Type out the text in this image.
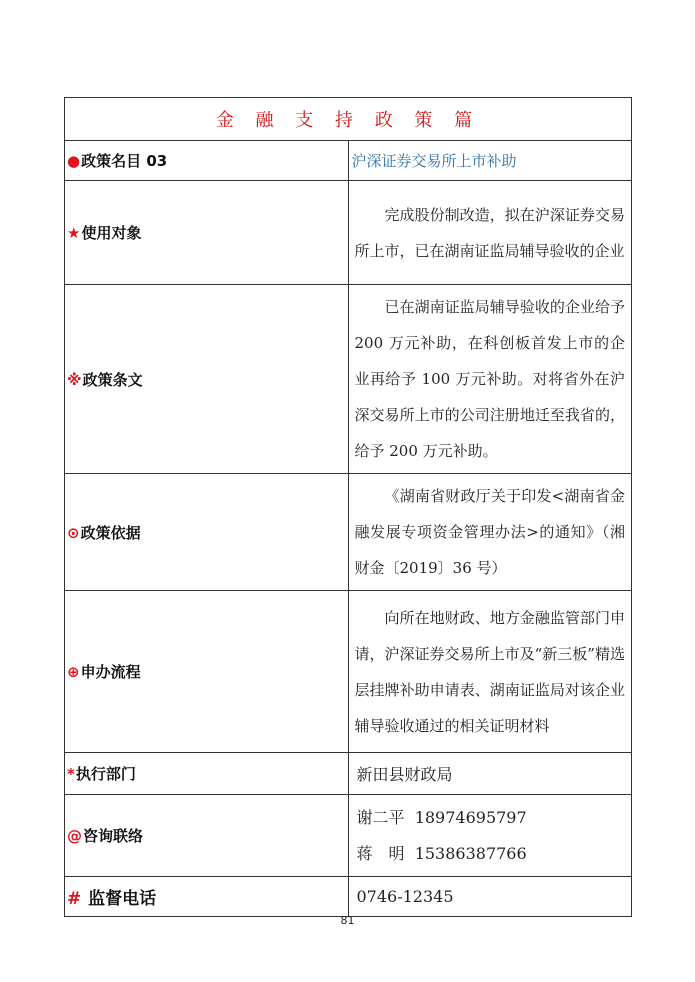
金 融 支 持 政 策 篇	
●政策名目 03	沪深证券交易所上市补助
★使用对象	完成股份制改造，拟在沪深证券交易所上市，已在湖南证监局辅导验收的企业

※政策条文	已在湖南证监局辅导验收的企业给予 200 万元补助，在科创板首发上市的企业再给予 100 万元补助。对将省外在沪深交易所上市的公司注册地迁至我省的，给予 200 万元补助。

⊙政策依据	《湖南省财政厅关于印发<湖南省金融发展专项资金管理办法>的通知》（湘财金〔2019〕36 号）

⊕申办流程	向所在地财政、地方金融监管部门申请，沪深证券交易所上市及“新三板”精选层挂牌补助申请表、湖南证监局对该企业辅导验收通过的相关证明材料

*执行部门	新田县财政局
@咨询联络	谢二平 18974695797
蒋　明 15386387766

# 监督电话	0746-12345
81
